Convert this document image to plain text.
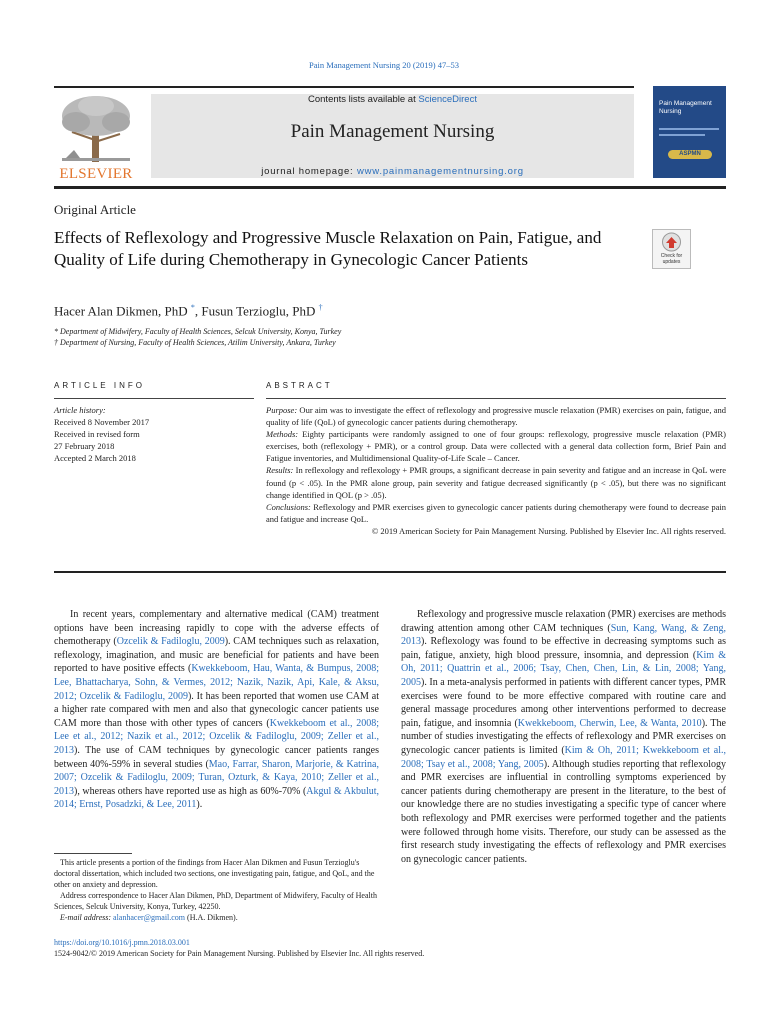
Pain Management Nursing 20 (2019) 47–53
ELSEVIER
Contents lists available at ScienceDirect
Pain Management Nursing
journal homepage: www.painmanagementnursing.org
Pain Management Nursing
ASPMN
Original Article
Effects of Reflexology and Progressive Muscle Relaxation on Pain, Fatigue, and Quality of Life during Chemotherapy in Gynecologic Cancer Patients	Check for updates
Hacer Alan Dikmen, PhD *, Fusun Terzioglu, PhD †
* Department of Midwifery, Faculty of Health Sciences, Selcuk University, Konya, Turkey
† Department of Nursing, Faculty of Health Sciences, Atilim University, Ankara, Turkey
ARTICLE INFO	ABSTRACT
Article history:
Received 8 November 2017
Received in revised form
27 February 2018
Accepted 2 March 2018

Purpose: Our aim was to investigate the effect of reflexology and progressive muscle relaxation (PMR) exercises on pain, fatigue, and quality of life (QoL) of gynecologic cancer patients during chemotherapy.

Methods: Eighty participants were randomly assigned to one of four groups: reflexology, progressive muscle relaxation (PMR) exercises, both (reflexology + PMR), or a control group. Data were collected with a general data collection form, Brief Pain and Fatigue inventories, and Multidimensional Quality-of-Life Scale – Cancer.

Results: In reflexology and reflexology + PMR groups, a significant decrease in pain severity and fatigue and an increase in QoL were found (p < .05). In the PMR alone group, pain severity and fatigue decreased significantly (p < .05), but there was no significant change identified in QOL (p > .05).

Conclusions: Reflexology and PMR exercises given to gynecologic cancer patients during chemotherapy were found to decrease pain and fatigue and increase QoL.

© 2019 American Society for Pain Management Nursing. Published by Elsevier Inc. All rights reserved.

In recent years, complementary and alternative medical (CAM) treatment options have been increasing rapidly to cope with the adverse effects of chemotherapy (Ozcelik & Fadiloglu, 2009). CAM techniques such as relaxation, reflexology, imagination, and music are beneficial for patients and have been reported to have positive effects (Kwekkeboom, Hau, Wanta, & Bumpus, 2008; Lee, Bhattacharya, Sohn, & Vermes, 2012; Nazik, Nazik, Api, Kale, & Aksu, 2012; Ozcelik & Fadiloglu, 2009). It has been reported that women use CAM at a higher rate compared with men and also that gynecologic cancer patients use CAM more than those with other types of cancers (Kwekkeboom et al., 2008; Lee et al., 2012; Nazik et al., 2012; Ozcelik & Fadiloglu, 2009; Zeller et al., 2013). The use of CAM techniques by gynecologic cancer patients ranges between 40%-59% in several studies (Mao, Farrar, Sharon, Marjorie, & Katrina, 2007; Ozcelik & Fadiloglu, 2009; Turan, Ozturk, & Kaya, 2010; Zeller et al., 2013), whereas others have reported use as high as 60%-70% (Akgul & Akbulut, 2014; Ernst, Posadzki, & Lee, 2011).

Reflexology and progressive muscle relaxation (PMR) exercises are methods drawing attention among other CAM techniques (Sun, Kang, Wang, & Zeng, 2013). Reflexology was found to be effective in decreasing symptoms such as pain, fatigue, anxiety, high blood pressure, insomnia, and depression (Kim & Oh, 2011; Quattrin et al., 2006; Tsay, Chen, Chen, Lin, & Lin, 2008; Yang, 2005). In a meta-analysis performed in patients with different cancer types, PMR exercises were found to be more effective compared with routine care and general massage procedures among other interventions performed to decrease pain, fatigue, and insomnia (Kwekkeboom, Cherwin, Lee, & Wanta, 2010). The number of studies investigating the effects of reflexology and PMR exercises on gynecologic cancer patients is limited (Kim & Oh, 2011; Kwekkeboom et al., 2008; Tsay et al., 2008; Yang, 2005). Although studies reporting that reflexology and PMR exercises are influential in controlling symptoms experienced by cancer patients during chemotherapy are present in the literature, to the best of our knowledge there are no studies investigating a specific type of cancer where both reflexology and PMR exercises were performed together and the patients were followed through home visits. Therefore, our study can be assessed as the first research study investigating the effects of reflexology and PMR exercises on gynecologic cancer patients.

This article presents a portion of the findings from Hacer Alan Dikmen and Fusun Terzioglu's doctoral dissertation, which included two sections, one investigating pain, fatigue, and QoL, and the other on anxiety and depression.

Address correspondence to Hacer Alan Dikmen, PhD, Department of Midwifery, Faculty of Health Sciences, Selcuk University, Konya, Turkey, 42250.

E-mail address: alanhacer@gmail.com (H.A. Dikmen).

https://doi.org/10.1016/j.pmn.2018.03.001
1524-9042/© 2019 American Society for Pain Management Nursing. Published by Elsevier Inc. All rights reserved.
